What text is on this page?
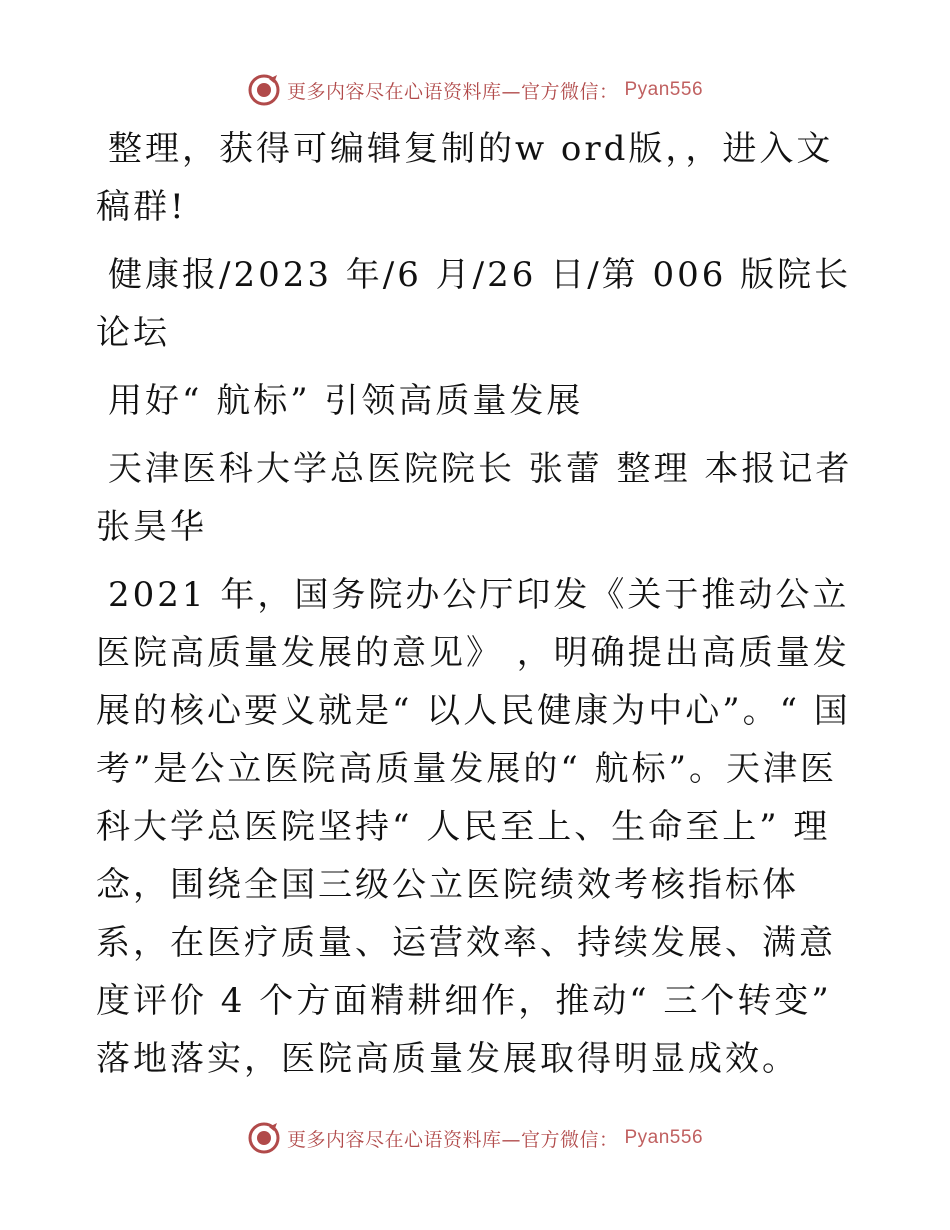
更多内容尽在心语资料库—官方微信： Pyan556

整理，获得可编辑复制的w ord版，，进入文稿群!

健康报/2023 年/6 月/26 日/第 006 版院长论坛

用好“ 航标” 引领高质量发展

天津医科大学总医院院长 张蕾 整理 本报记者 张昊华

2021 年，国务院办公厅印发《关于推动公立医院高质量发展的意见》 ，明确提出高质量发展的核心要义就是“ 以人民健康为中心”。“ 国考”是公立医院高质量发展的“ 航标”。天津医科大学总医院坚持“ 人民至上、生命至上” 理念，围绕全国三级公立医院绩效考核指标体系，在医疗质量、运营效率、持续发展、满意度评价 4 个方面精耕细作，推动“ 三个转变” 落地落实，医院高质量发展取得明显成效。

更多内容尽在心语资料库—官方微信： Pyan556
